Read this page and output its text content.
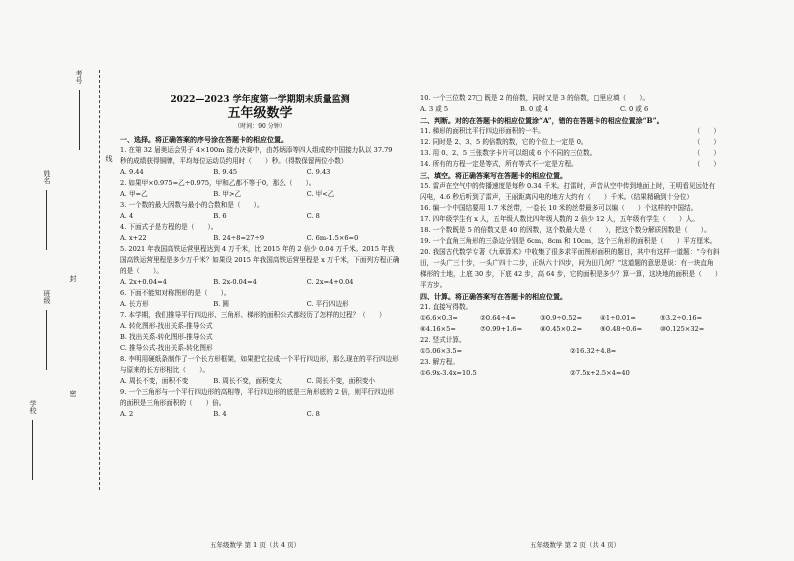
考号
姓名
班级
学校
线
封
密
2022—2023 学年度第一学期期末质量监测
五年级数学
（时间：90 分钟）
一、选择。将正确答案的序号涂在答题卡的相应位置。
1. 在第 32 届奥运会男子 4×100m 接力决赛中，由苏炳添等四人组成的中国接力队以 37.79 秒的成绩获得铜牌，平均每位运动员约用时（　　）秒。（得数保留两位小数）
A. 9.44	B. 9.45	C. 9.43
2. 如果甲×0.975=乙÷0.975，甲和乙都不等于0，那么（　　）。
A. 甲=乙	B. 甲>乙	C. 甲<乙
3. 一个数的最大因数与最小的合数和是（　　）。
A. 4	B. 6	C. 8
4. 下面式子是方程的是（　　）。
A. x+22	B. 24÷8=27÷9	C. 6m-1.5×6=0
5. 2021 年我国高铁运营里程达到 4 万千米，比 2015 年的 2 倍少 0.04 万千米。2015 年我国高铁运营里程是多少万千米？如果设 2015 年我国高铁运营里程是 x 万千米，下面列方程正确的是（　　）。
A. 2x+0.04=4	B. 2x-0.04=4	C. 2x=4+0.04
6. 下面不能知对称图形的是（　　）。
A. 长方形	B. 圆	C. 平行四边形
7. 本学期，我们推导平行四边形、三角形、梯形的面积公式都经历了怎样的过程？（　　）
A. 转化图形-找出关系-推导公式
B. 找出关系-转化图形-推导公式
C. 推导公式-找出关系-转化图形
8. 李明用硬纸条制作了一个长方形框架，如果把它拉成一个平行四边形，那么现在的平行四边形与原来的长方形相比（　　）。
A. 周长不变，面积不变	B. 周长不变，面积变大	C. 周长不变，面积变小
9. 一个三角形与一个平行四边形的高相等，平行四边形的底是三角形底的 2 倍，则平行四边形的面积是三角形面积的（　　）倍。
A. 2	B. 4	C. 8
10. 一个三位数 27□ 既是 2 的倍数，同时又是 3 的倍数，□里应填（　　）。
A. 3 或 5	B. 0 或 4	C. 0 或 6
二、判断。对的在答题卡的相应位置涂“A”，错的在答题卡的相应位置涂“B”。
11. 梯形的面积比平行四边形面积的一半。	（　　）
12. 同时是 2、3、5 的倍数的数，它的个位上一定是 0。	（　　）
13. 用 0、2、5 三张数字卡片可以组成 6 个不同的三位数。	（　　）
14. 所有的方程一定是等式，所有等式不一定是方程。	（　　）
三、填空。将正确答案写在答题卡的相应位置。
15. 雷声在空气中的传播速度是每秒 0.34 千米。打雷时，声音从空中传到地面上时，王明看见远处有闪电，4.6 秒后听到了雷声，王丽距离闪电的地方大约有（　　）千米。（结果精确到十分位）
16. 编一个中国结要用 1.7 米丝带，一卷长 10 米的丝带最多可以编（　　）个这样的中国结。
17. 四年级学生有 x 人，五年级人数比四年级人数的 2 倍少 12 人，五年级有学生（　　）人。
18. 一个数既是 5 的倍数又是 40 的因数，这个数最大是（　　），把这个数分解质因数是（　　）。
19. 一个直角三角形的三条边分别是 6cm、8cm 和 10cm，这个三角形的面积是（　　）平方厘米。
20. 我国古代数学专著《九章算术》中收集了很多求平面图形面积的题目，其中有这样一道题：“今有斜田，一头广三十步，一头广四十二步，正纵六十四步，问为田几何？”这道题的意思是说：有一块直角梯形的土地，上底 30 步，下底 42 步，高 64 步，它的面积是多少？算一算，这块地的面积是（　　）平方步。
四、计算。将正确答案写在答题卡的相应位置。
21. 直接写得数。
①6.6×0.3=	②0.64÷4=	③0.9÷0.52=	④1÷0.01=	⑤3.2÷0.16=
⑥4.16×5=	⑦0.99+1.6=	⑧0.45×0.2=	⑨0.48÷0.6=	⑩0.125×32=
22. 竖式计算。
①5.06×3.5=	②16.32÷4.8=
23. 解方程。
①6.9x-3.4x=10.5	②7.5x+2.5×4=40
五年级数学 第 1 页（共 4 页）	五年级数学 第 2 页（共 4 页）
